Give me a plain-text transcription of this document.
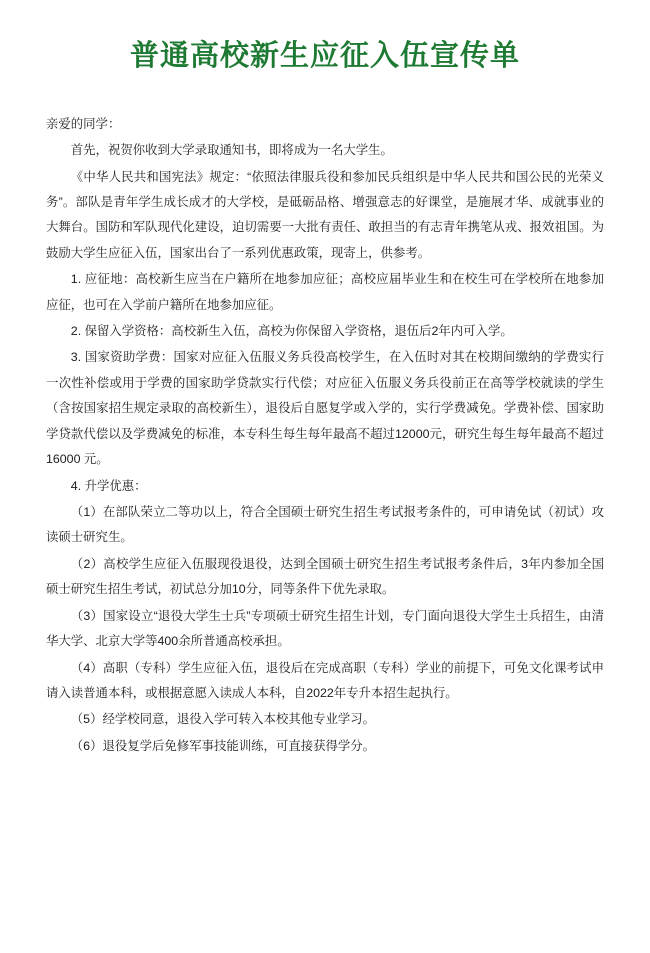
普通高校新生应征入伍宣传单

亲爱的同学：

首先，祝贺你收到大学录取通知书，即将成为一名大学生。

《中华人民共和国宪法》规定：“依照法律服兵役和参加民兵组织是中华人民共和国公民的光荣义务”。部队是青年学生成长成才的大学校，是砥砺品格、增强意志的好课堂，是施展才华、成就事业的大舞台。国防和军队现代化建设，迫切需要一大批有责任、敢担当的有志青年携笔从戎、报效祖国。为鼓励大学生应征入伍，国家出台了一系列优惠政策，现寄上，供参考。

1. 应征地：高校新生应当在户籍所在地参加应征；高校应届毕业生和在校生可在学校所在地参加应征，也可在入学前户籍所在地参加应征。

2. 保留入学资格：高校新生入伍，高校为你保留入学资格，退伍后2年内可入学。

3. 国家资助学费：国家对应征入伍服义务兵役高校学生，在入伍时对其在校期间缴纳的学费实行一次性补偿或用于学费的国家助学贷款实行代偿；对应征入伍服义务兵役前正在高等学校就读的学生（含按国家招生规定录取的高校新生），退役后自愿复学或入学的，实行学费减免。学费补偿、国家助学贷款代偿以及学费减免的标准，本专科生每生每年最高不超过12000元，研究生每生每年最高不超过16000 元。

4. 升学优惠：

（1）在部队荣立二等功以上，符合全国硕士研究生招生考试报考条件的，可申请免试（初试）攻读硕士研究生。

（2）高校学生应征入伍服现役退役，达到全国硕士研究生招生考试报考条件后，3年内参加全国硕士研究生招生考试，初试总分加10分，同等条件下优先录取。

（3）国家设立“退役大学生士兵”专项硕士研究生招生计划，专门面向退役大学生士兵招生，由清华大学、北京大学等400余所普通高校承担。

（4）高职（专科）学生应征入伍，退役后在完成高职（专科）学业的前提下，可免文化课考试申请入读普通本科，或根据意愿入读成人本科，自2022年专升本招生起执行。

（5）经学校同意，退役入学可转入本校其他专业学习。

（6）退役复学后免修军事技能训练，可直接获得学分。
